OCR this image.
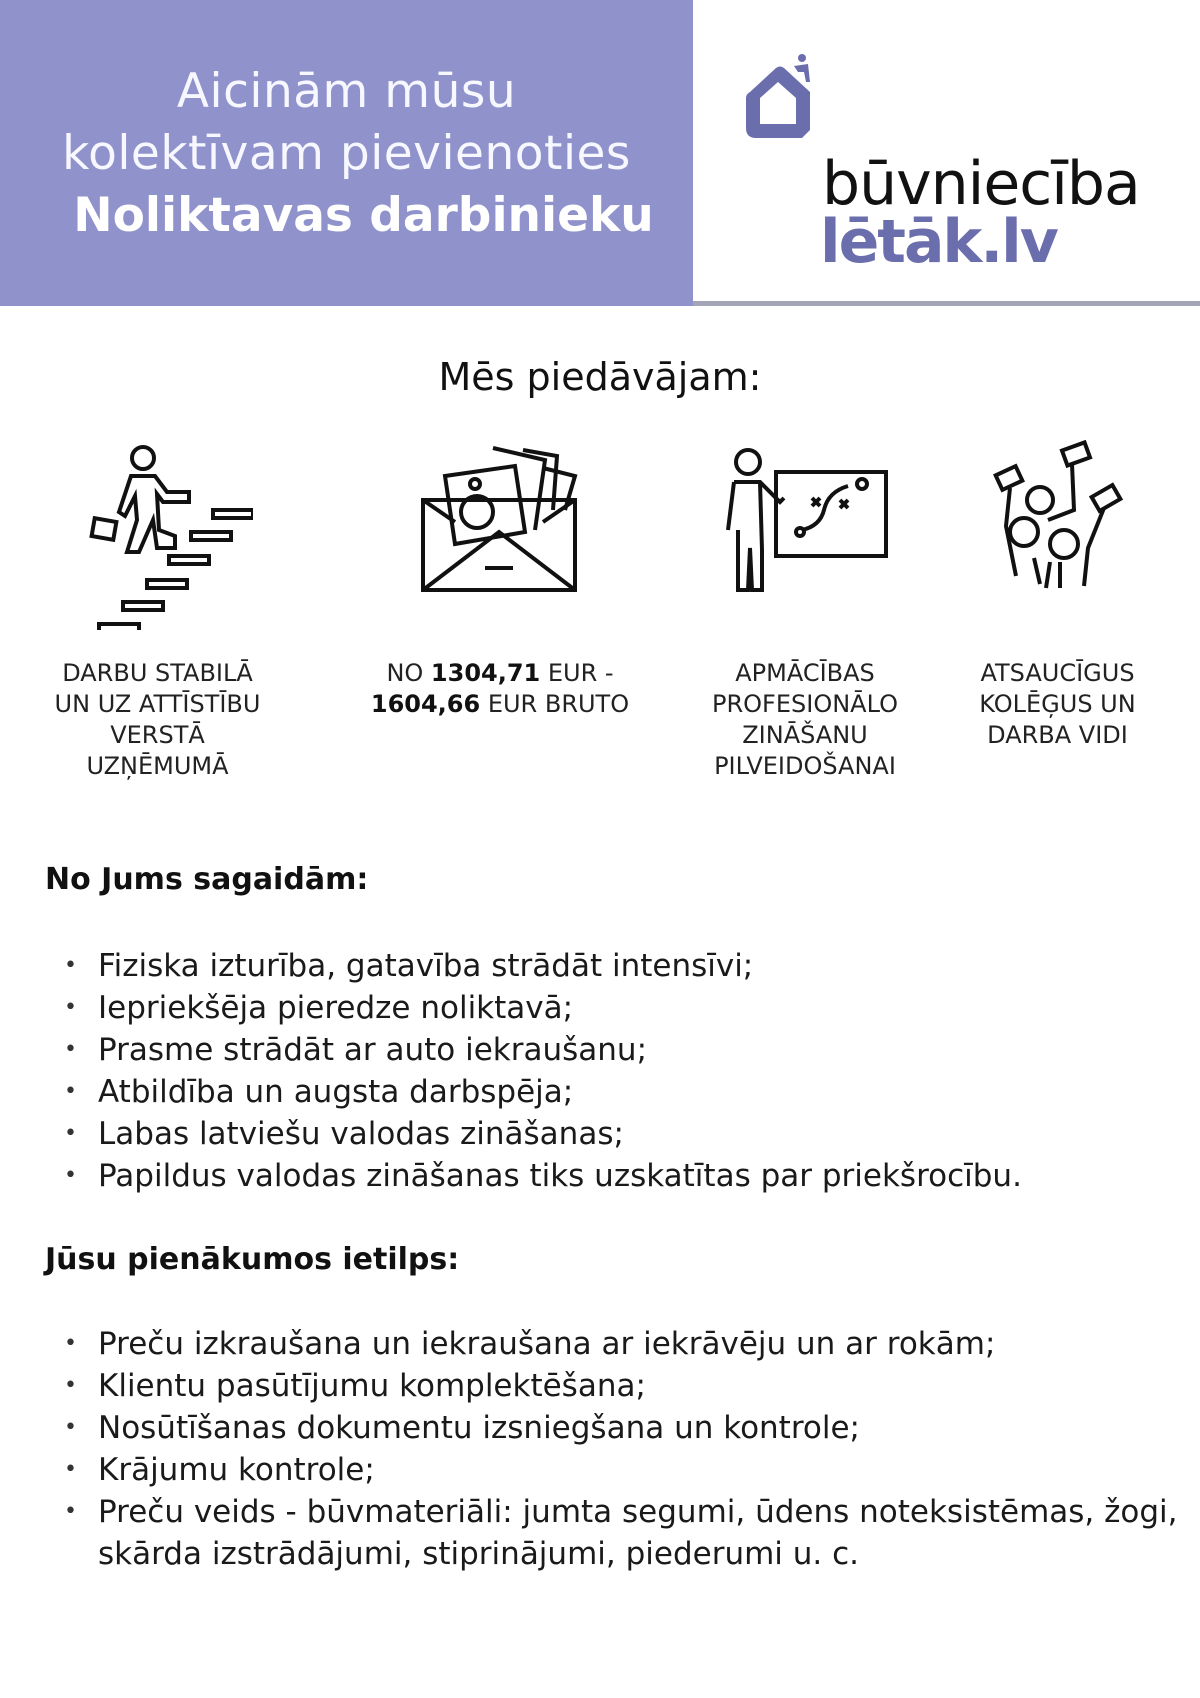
Aicinām mūsu
kolektīvam pievienoties
Noliktavas darbinieku	būvniecība
lētāk.lv
Mēs piedāvājam:
DARBU STABILĀ
UN UZ ATTĪSTĪBU
VERSTĀ
UZŅĒMUMĀ
NO 1304,71 EUR -
1604,66 EUR BRUTO
APMĀCĪBAS
PROFESIONĀLO
ZINĀŠANU
PILVEIDOŠANAI
ATSAUCĪGUS
KOLĒĢUS UN
DARBA VIDI
No Jums sagaidām:
• Fiziska izturība, gatavība strādāt intensīvi;
• Iepriekšēja pieredze noliktavā;
• Prasme strādāt ar auto iekraušanu;
• Atbildība un augsta darbspēja;
• Labas latviešu valodas zināšanas;
• Papildus valodas zināšanas tiks uzskatītas par priekšrocību.
Jūsu pienākumos ietilps:
• Preču izkraušana un iekraušana ar iekrāvēju un ar rokām;
• Klientu pasūtījumu komplektēšana;
• Nosūtīšanas dokumentu izsniegšana un kontrole;
• Krājumu kontrole;
• Preču veids - būvmateriāli: jumta segumi, ūdens noteksistēmas, žogi, skārda izstrādājumi, stiprinājumi, piederumi u. c.
